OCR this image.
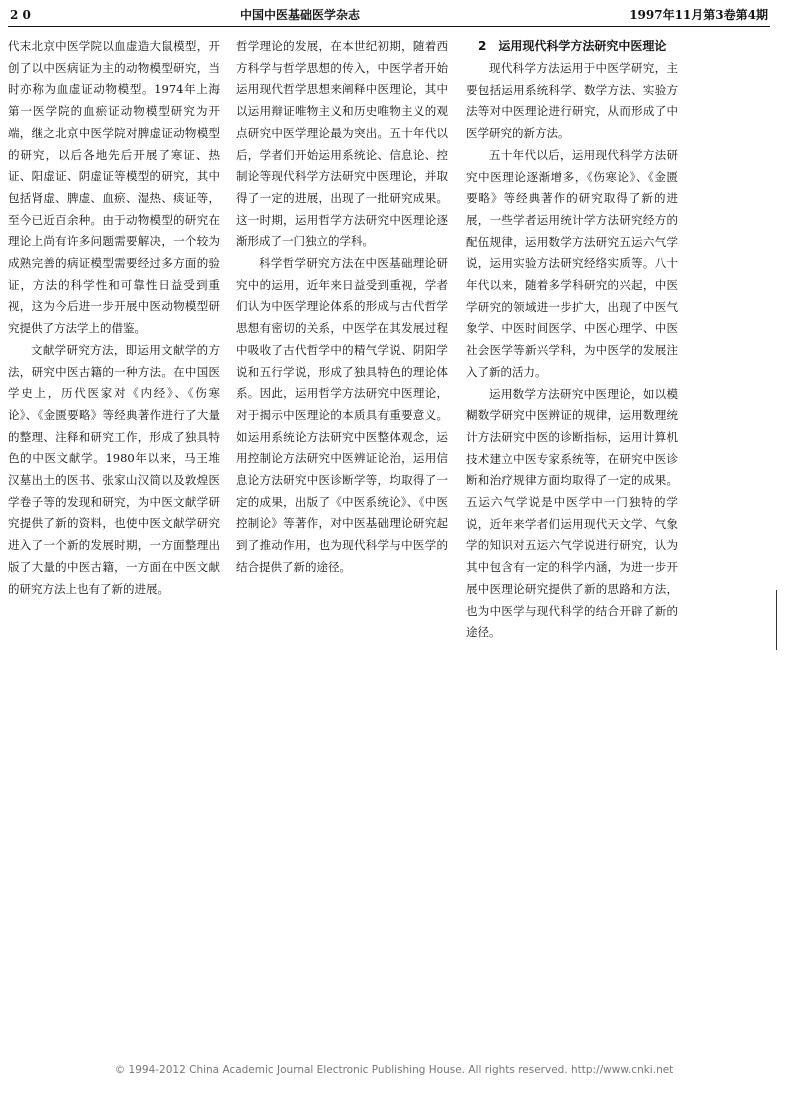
2 0	中国中医基础医学杂志	1997年11月第3卷第4期

代末北京中医学院以血虚造大鼠模型，开创了以中医病证为主的动物模型研究，当时亦称为血虚证动物模型。1974年上海第一医学院的血瘀证动物模型研究为开端，继之北京中医学院对脾虚证动物模型的研究，以后各地先后开展了寒证、热证、阳虚证、阴虚证等模型的研究，其中包括肾虚、脾虚、血瘀、湿热、痰证等，至今已近百余种。由于动物模型的研究在理论上尚有许多问题需要解决，一个较为成熟完善的病证模型需要经过多方面的验证，方法的科学性和可靠性日益受到重视，这为今后进一步开展中医动物模型研究提供了方法学上的借鉴。

文献学研究方法，即运用文献学的方法，研究中医古籍的一种方法。在中国医学史上，历代医家对《内经》、《伤寒论》、《金匮要略》等经典著作进行了大量的整理、注释和研究工作，形成了独具特色的中医文献学。1980年以来，马王堆汉墓出土的医书、张家山汉简以及敦煌医学卷子等的发现和研究，为中医文献学研究提供了新的资料，也使中医文献学研究进入了一个新的发展时期，一方面整理出版了大量的中医古籍，一方面在中医文献的研究方法上也有了新的进展。

哲学理论的发展，在本世纪初期，随着西方科学与哲学思想的传入，中医学者开始运用现代哲学思想来阐释中医理论，其中以运用辩证唯物主义和历史唯物主义的观点研究中医学理论最为突出。五十年代以后，学者们开始运用系统论、信息论、控制论等现代科学方法研究中医理论，并取得了一定的进展，出现了一批研究成果。这一时期，运用哲学方法研究中医理论逐渐形成了一门独立的学科。

科学哲学研究方法在中医基础理论研究中的运用，近年来日益受到重视，学者们认为中医学理论体系的形成与古代哲学思想有密切的关系，中医学在其发展过程中吸收了古代哲学中的精气学说、阴阳学说和五行学说，形成了独具特色的理论体系。因此，运用哲学方法研究中医理论，对于揭示中医理论的本质具有重要意义。如运用系统论方法研究中医整体观念，运用控制论方法研究中医辨证论治，运用信息论方法研究中医诊断学等，均取得了一定的成果，出版了《中医系统论》、《中医控制论》等著作，对中医基础理论研究起到了推动作用，也为现代科学与中医学的结合提供了新的途径。

2　运用现代科学方法研究中医理论

现代科学方法运用于中医学研究，主要包括运用系统科学、数学方法、实验方法等对中医理论进行研究，从而形成了中医学研究的新方法。

五十年代以后，运用现代科学方法研究中医理论逐渐增多，《伤寒论》、《金匮要略》等经典著作的研究取得了新的进展，一些学者运用统计学方法研究经方的配伍规律，运用数学方法研究五运六气学说，运用实验方法研究经络实质等。八十年代以来，随着多学科研究的兴起，中医学研究的领域进一步扩大，出现了中医气象学、中医时间医学、中医心理学、中医社会医学等新兴学科，为中医学的发展注入了新的活力。

运用数学方法研究中医理论，如以模糊数学研究中医辨证的规律，运用数理统计方法研究中医的诊断指标，运用计算机技术建立中医专家系统等，在研究中医诊断和治疗规律方面均取得了一定的成果。五运六气学说是中医学中一门独特的学说，近年来学者们运用现代天文学、气象学的知识对五运六气学说进行研究，认为其中包含有一定的科学内涵，为进一步开展中医理论研究提供了新的思路和方法，也为中医学与现代科学的结合开辟了新的途径。

© 1994-2012 China Academic Journal Electronic Publishing House. All rights reserved. http://www.cnki.net
